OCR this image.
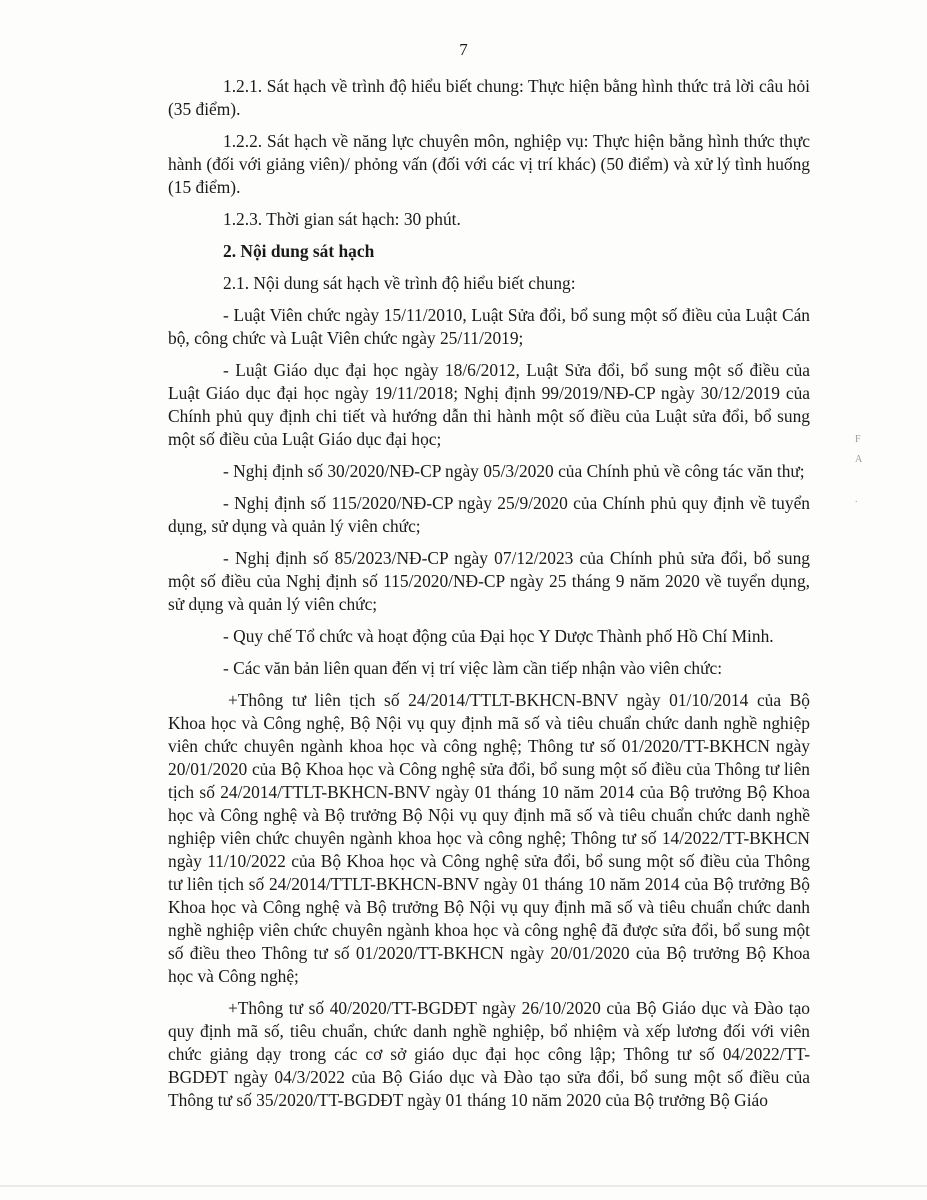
7

1.2.1. Sát hạch về trình độ hiểu biết chung: Thực hiện bằng hình thức trả lời câu hỏi (35 điểm).

1.2.2. Sát hạch về năng lực chuyên môn, nghiệp vụ: Thực hiện bằng hình thức thực hành (đối với giảng viên)/ phỏng vấn (đối với các vị trí khác) (50 điểm) và xử lý tình huống (15 điểm).

1.2.3. Thời gian sát hạch: 30 phút.

2. Nội dung sát hạch

2.1. Nội dung sát hạch về trình độ hiểu biết chung:

- Luật Viên chức ngày 15/11/2010, Luật Sửa đổi, bổ sung một số điều của Luật Cán bộ, công chức và Luật Viên chức ngày 25/11/2019;

- Luật Giáo dục đại học ngày 18/6/2012, Luật Sửa đổi, bổ sung một số điều của Luật Giáo dục đại học ngày 19/11/2018; Nghị định 99/2019/NĐ-CP ngày 30/12/2019 của Chính phủ quy định chi tiết và hướng dẫn thi hành một số điều của Luật sửa đổi, bổ sung một số điều của Luật Giáo dục đại học;

- Nghị định số 30/2020/NĐ-CP ngày 05/3/2020 của Chính phủ về công tác văn thư;

- Nghị định số 115/2020/NĐ-CP ngày 25/9/2020 của Chính phủ quy định về tuyển dụng, sử dụng và quản lý viên chức;

- Nghị định số 85/2023/NĐ-CP ngày 07/12/2023 của Chính phủ sửa đổi, bổ sung một số điều của Nghị định số 115/2020/NĐ-CP ngày 25 tháng 9 năm 2020 về tuyển dụng, sử dụng và quản lý viên chức;

- Quy chế Tổ chức và hoạt động của Đại học Y Dược Thành phố Hồ Chí Minh.

- Các văn bản liên quan đến vị trí việc làm cần tiếp nhận vào viên chức:

+Thông tư liên tịch số 24/2014/TTLT-BKHCN-BNV ngày 01/10/2014 của Bộ Khoa học và Công nghệ, Bộ Nội vụ quy định mã số và tiêu chuẩn chức danh nghề nghiệp viên chức chuyên ngành khoa học và công nghệ; Thông tư số 01/2020/TT-BKHCN ngày 20/01/2020 của Bộ Khoa học và Công nghệ sửa đổi, bổ sung một số điều của Thông tư liên tịch số 24/2014/TTLT-BKHCN-BNV ngày 01 tháng 10 năm 2014 của Bộ trưởng Bộ Khoa học và Công nghệ và Bộ trưởng Bộ Nội vụ quy định mã số và tiêu chuẩn chức danh nghề nghiệp viên chức chuyên ngành khoa học và công nghệ; Thông tư số 14/2022/TT-BKHCN ngày 11/10/2022 của Bộ Khoa học và Công nghệ sửa đổi, bổ sung một số điều của Thông tư liên tịch số 24/2014/TTLT-BKHCN-BNV ngày 01 tháng 10 năm 2014 của Bộ trưởng Bộ Khoa học và Công nghệ và Bộ trưởng Bộ Nội vụ quy định mã số và tiêu chuẩn chức danh nghề nghiệp viên chức chuyên ngành khoa học và công nghệ đã được sửa đổi, bổ sung một số điều theo Thông tư số 01/2020/TT-BKHCN ngày 20/01/2020 của Bộ trưởng Bộ Khoa học và Công nghệ;

+Thông tư số 40/2020/TT-BGDĐT ngày 26/10/2020 của Bộ Giáo dục và Đào tạo quy định mã số, tiêu chuẩn, chức danh nghề nghiệp, bổ nhiệm và xếp lương đối với viên chức giảng dạy trong các cơ sở giáo dục đại học công lập; Thông tư số 04/2022/TT-BGDĐT ngày 04/3/2022 của Bộ Giáo dục và Đào tạo sửa đổi, bổ sung một số điều của Thông tư số 35/2020/TT-BGDĐT ngày 01 tháng 10 năm 2020 của Bộ trưởng Bộ Giáo

F
A
.
